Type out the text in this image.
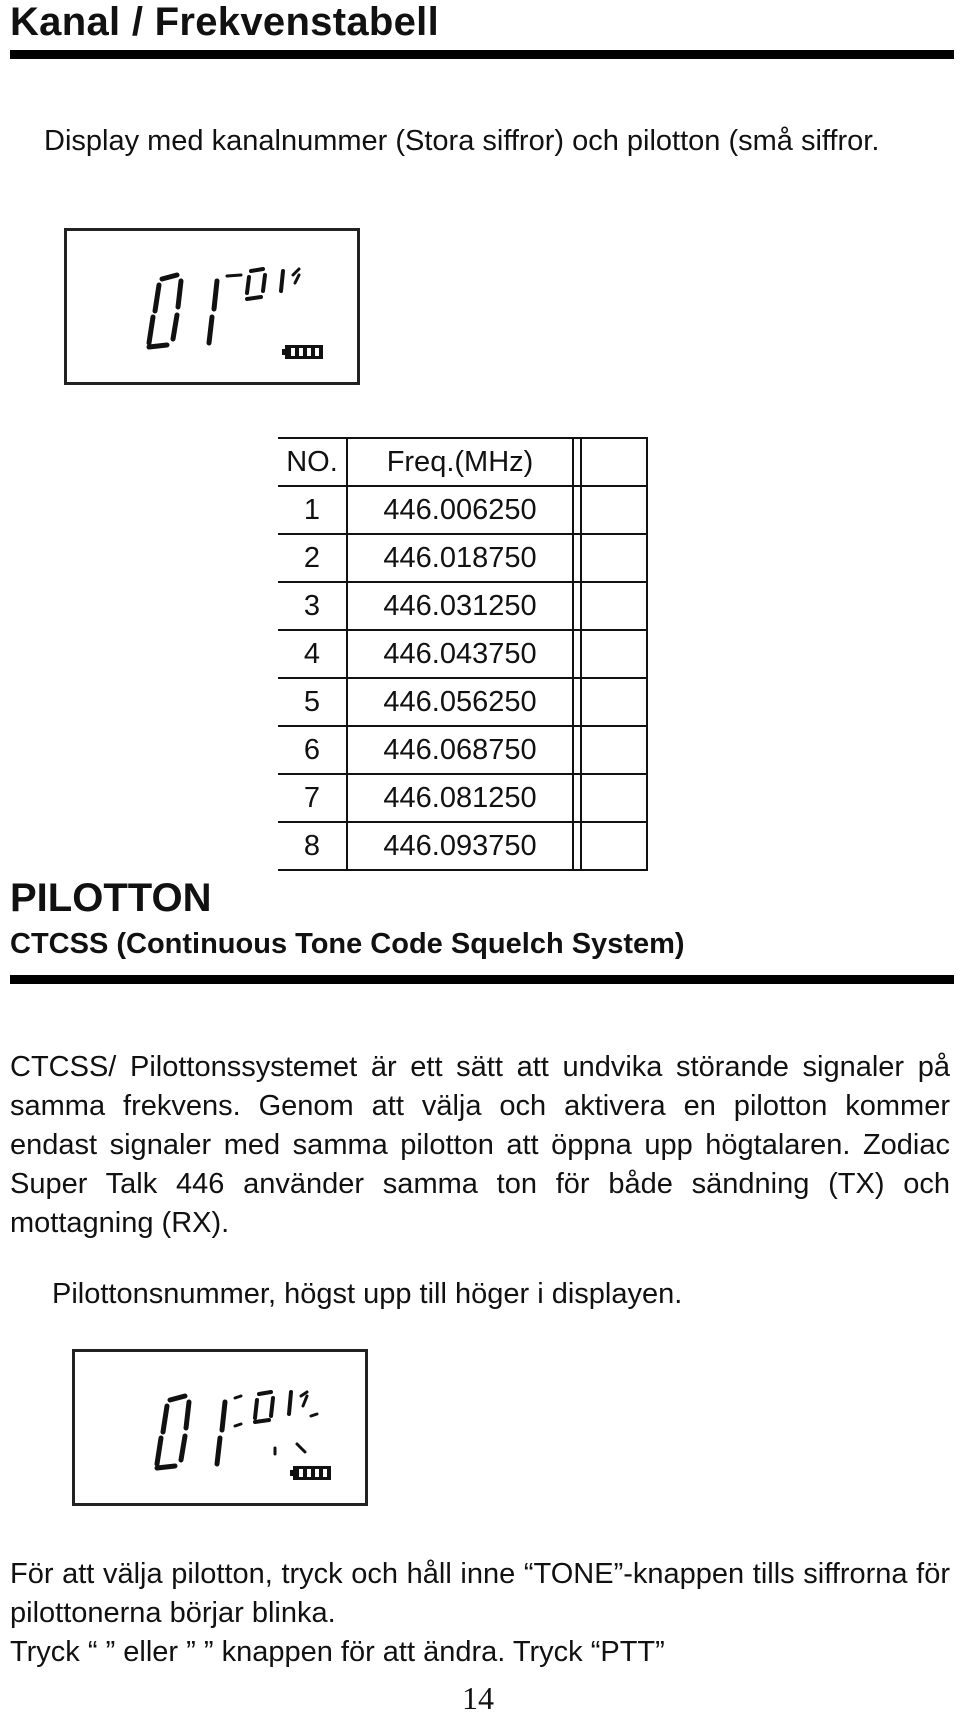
Kanal / Frekvenstabell
Display med kanalnummer (Stora siffror) och pilotton (små siffror.
NO.	Freq.(MHz)		
1	446.006250		
2	446.018750		
3	446.031250		
4	446.043750		
5	446.056250		
6	446.068750		
7	446.081250		
8	446.093750		
PILOTTON
CTCSS (Continuous Tone Code Squelch System)
CTCSS/ Pilottonssystemet är ett sätt att undvika störande signaler på samma frekvens. Genom att välja och aktivera en pilotton kommer endast signaler med samma pilotton att öppna upp högtalaren. Zodiac Super Talk 446 använder samma ton för både sändning (TX) och mottagning (RX).
Pilottonsnummer, högst upp till höger i displayen.
För att välja pilotton, tryck och håll inne “TONE”-knappen tills siffrorna för pilottonerna börjar blinka.
Tryck “ ” eller ” ” knappen för att ändra. Tryck “PTT”
14
